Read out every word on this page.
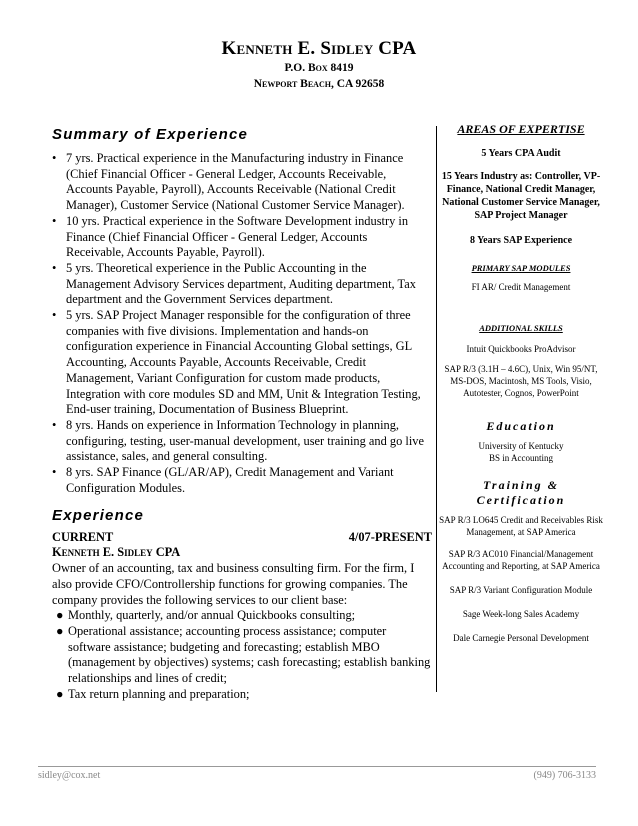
Kenneth E. Sidley CPA
P.O. Box 8419
Newport Beach, CA 92658
Summary of Experience
• 7 yrs. Practical experience in the Manufacturing industry in Finance (Chief Financial Officer - General Ledger, Accounts Receivable, Accounts Payable, Payroll), Accounts Receivable (National Credit Manager), Customer Service (National Customer Service Manager).
• 10 yrs. Practical experience in the Software Development industry in Finance (Chief Financial Officer - General Ledger, Accounts Receivable, Accounts Payable, Payroll).
• 5 yrs. Theoretical experience in the Public Accounting in the Management Advisory Services department, Auditing department, Tax department and the Government Services department.
• 5 yrs. SAP Project Manager responsible for the configuration of three companies with five divisions. Implementation and hands-on configuration experience in Financial Accounting Global settings, GL Accounting, Accounts Payable, Accounts Receivable, Credit Management, Variant Configuration for custom made products, Integration with core modules SD and MM, Unit & Integration Testing, End-user training, Documentation of Business Blueprint.
• 8 yrs. Hands on experience in Information Technology in planning, configuring, testing, user-manual development, user training and go live assistance, sales, and general consulting.
• 8 yrs. SAP Finance (GL/AR/AP), Credit Management and Variant Configuration Modules.
Experience
CURRENT	4/07-PRESENT
Kenneth E. Sidley CPA
Owner of an accounting, tax and business consulting firm. For the firm, I also provide CFO/Controllership functions for growing companies. The company provides the following services to our client base:
● Monthly, quarterly, and/or annual Quickbooks consulting;
● Operational assistance; accounting process assistance; computer software assistance; budgeting and forecasting; establish MBO (management by objectives) systems; cash forecasting; establish banking relationships and lines of credit;
● Tax return planning and preparation;
AREAS OF EXPERTISE
5 Years CPA Audit
15 Years Industry as: Controller, VP-Finance, National Credit Manager, National Customer Service Manager, SAP Project Manager
8 Years SAP Experience
PRIMARY SAP MODULES
FI AR/ Credit Management
ADDITIONAL SKILLS
Intuit Quickbooks ProAdvisor
SAP R/3 (3.1H – 4.6C), Unix, Win 95/NT, MS-DOS, Macintosh, MS Tools, Visio, Autotester, Cognos, PowerPoint
Education
University of Kentucky
BS in Accounting
Training &
Certification
SAP R/3 LO645 Credit and Receivables Risk Management, at SAP America
SAP R/3 AC010 Financial/Management Accounting and Reporting, at SAP America
SAP R/3 Variant Configuration Module
Sage Week-long Sales Academy
Dale Carnegie Personal Development
sidley@cox.net	(949) 706-3133
